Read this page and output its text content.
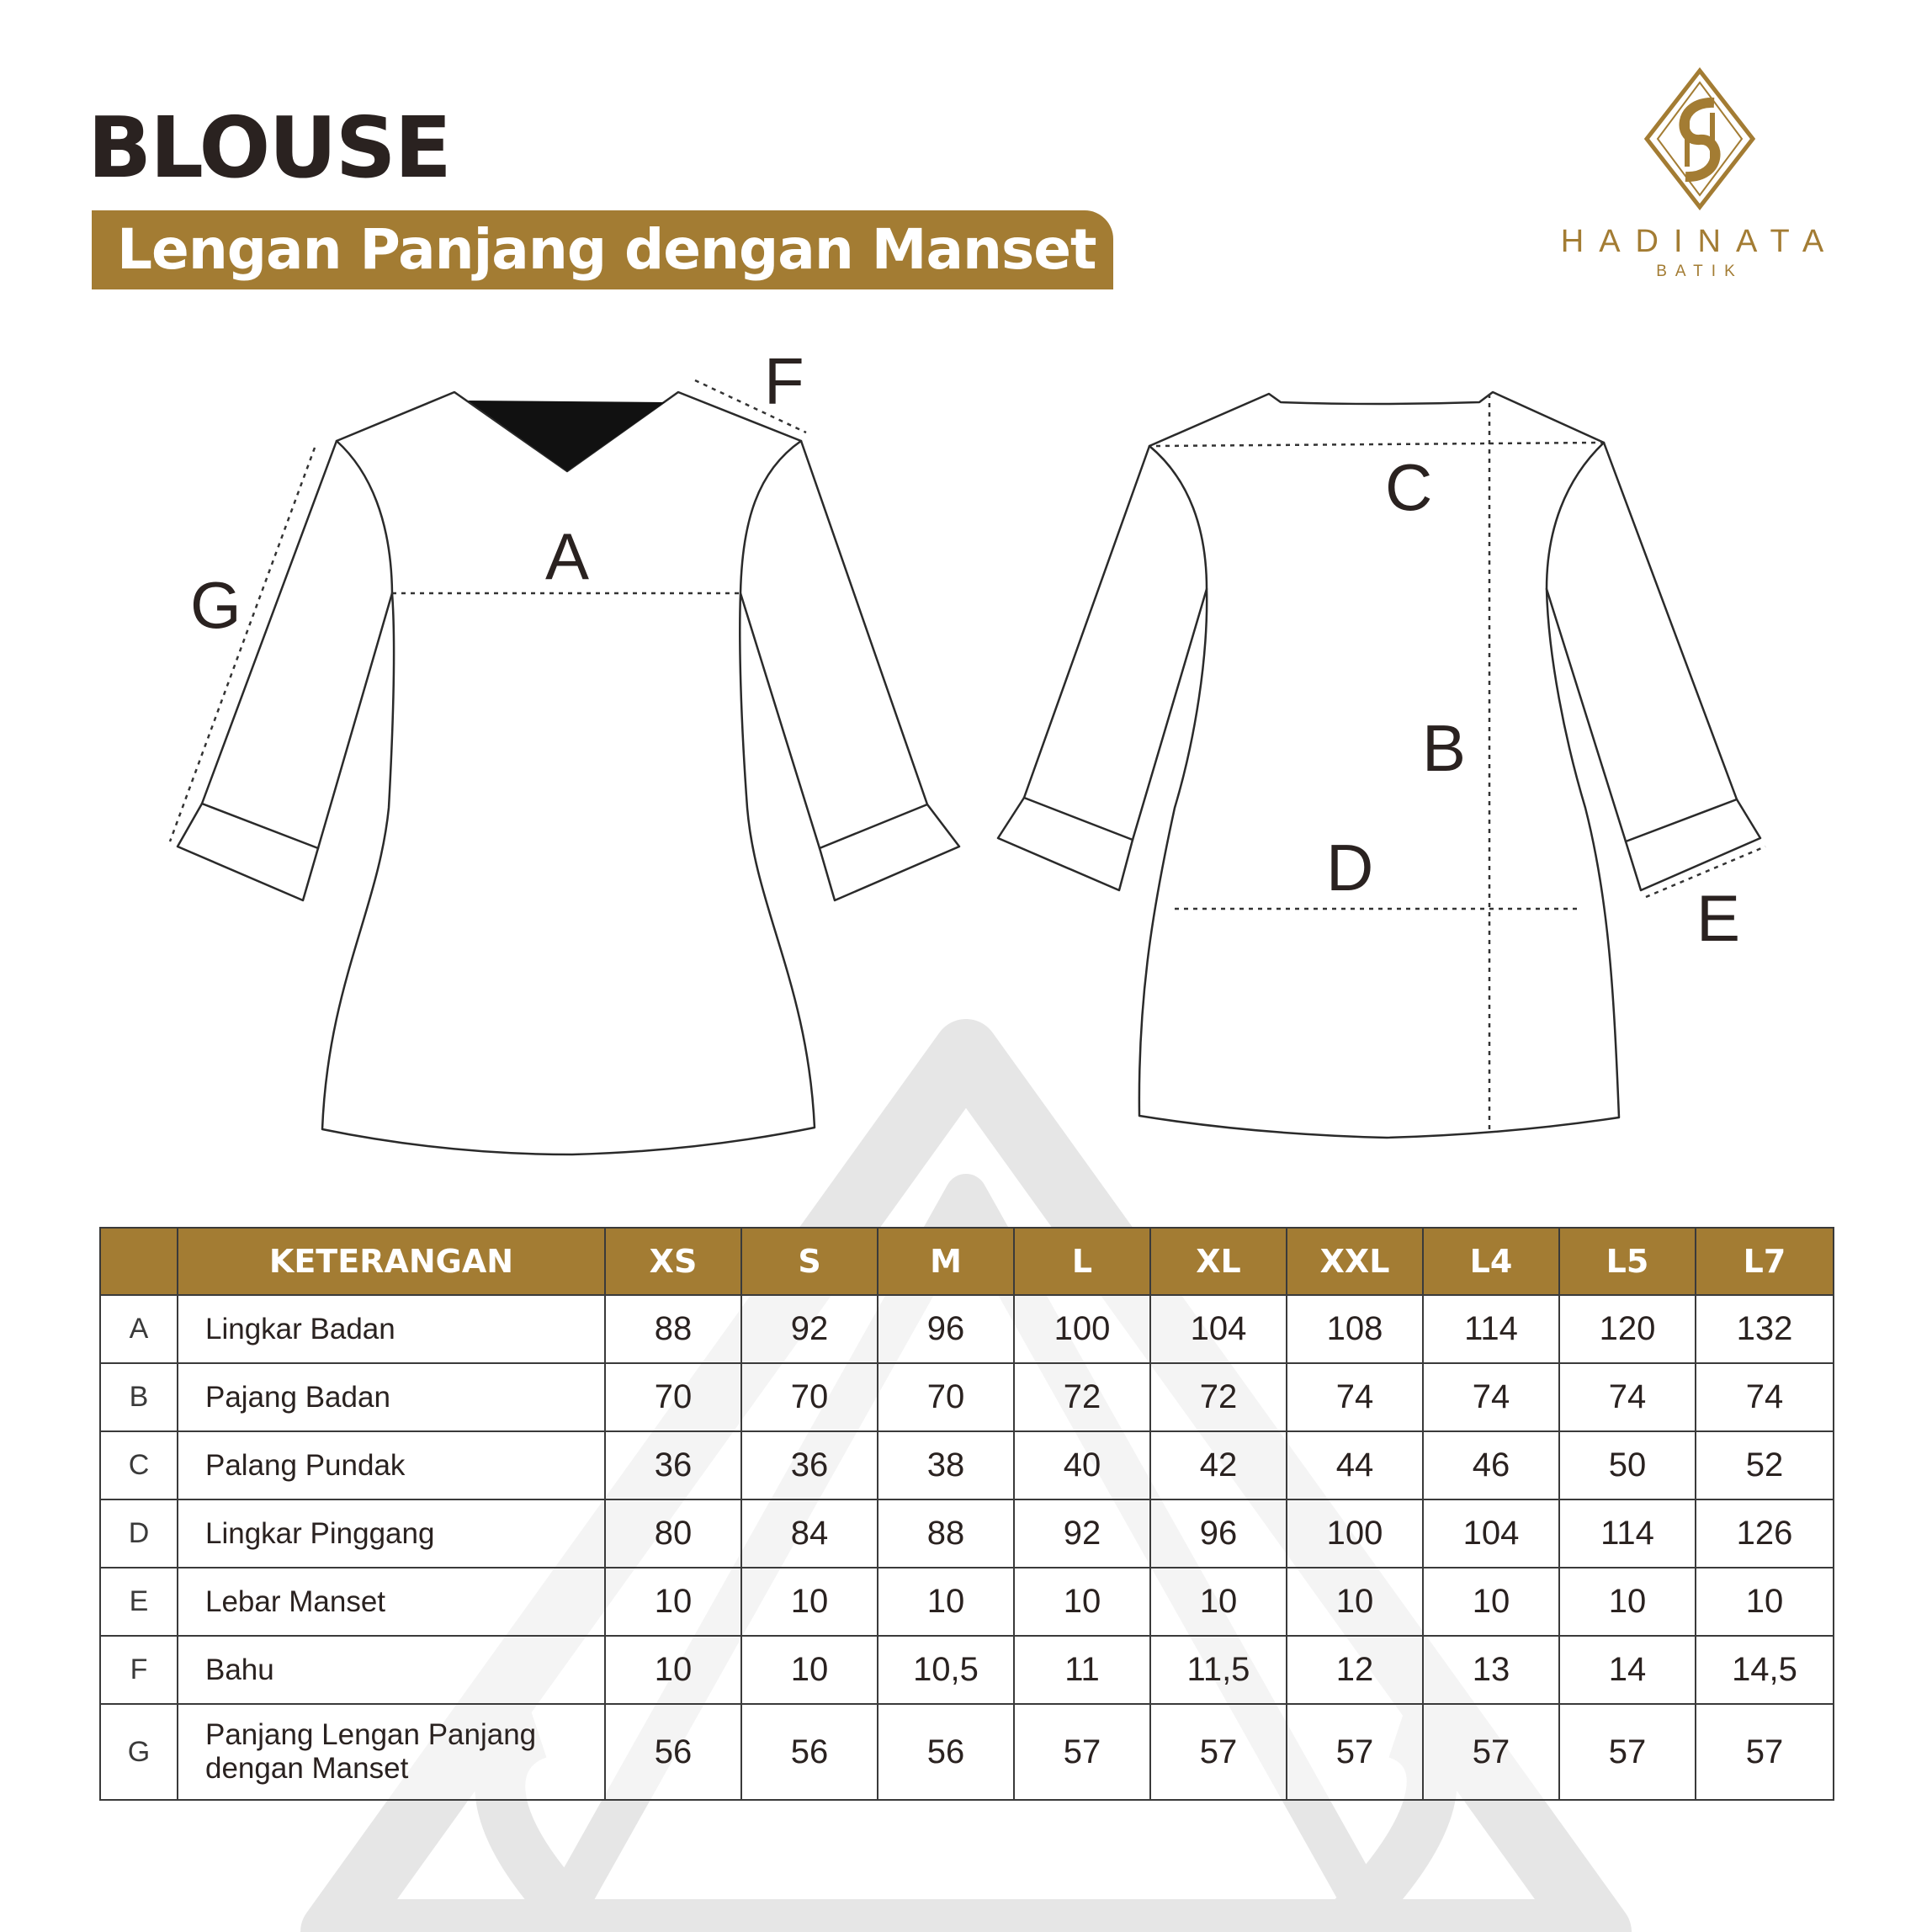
BLOUSE

Lengan Panjang dengan Manset	HADINATA
BATIK
A
B
C
D
E
F
G
	KETERANGAN	XS	S	M	L	XL	XXL	L4	L5	L7
A	Lingkar Badan	88	92	96	100	104	108	114	120	132
B	Pajang Badan	70	70	70	72	72	74	74	74	74
C	Palang Pundak	36	36	38	40	42	44	46	50	52
D	Lingkar Pinggang	80	84	88	92	96	100	104	114	126
E	Lebar Manset	10	10	10	10	10	10	10	10	10
F	Bahu	10	10	10,5	11	11,5	12	13	14	14,5
G	Panjang Lengan Panjang dengan Manset	56	56	56	57	57	57	57	57	57
